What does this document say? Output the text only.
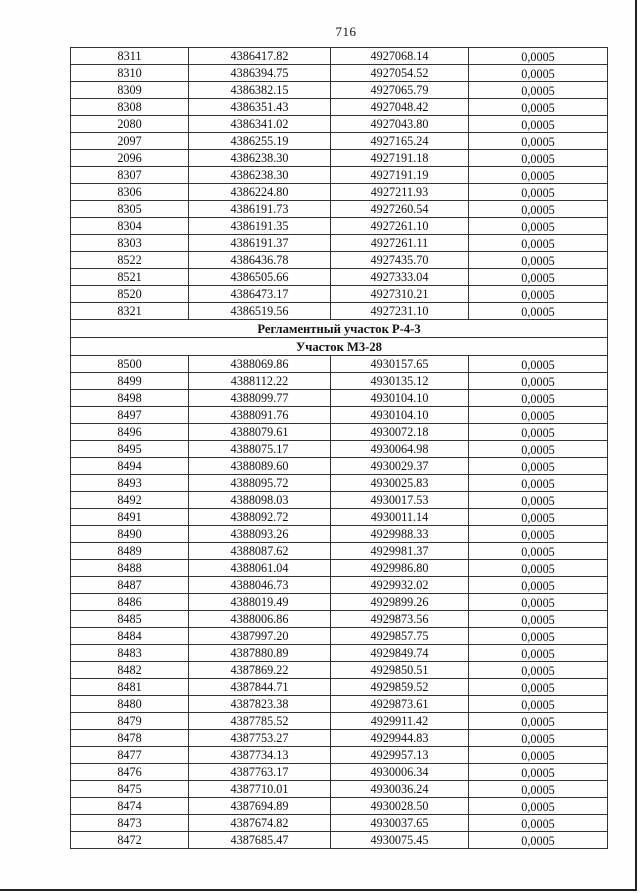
716
8311	4386417.82	4927068.14	0,0005
8310	4386394.75	4927054.52	0,0005
8309	4386382.15	4927065.79	0,0005
8308	4386351.43	4927048.42	0,0005
2080	4386341.02	4927043.80	0,0005
2097	4386255.19	4927165.24	0,0005
2096	4386238.30	4927191.18	0,0005
8307	4386238.30	4927191.19	0,0005
8306	4386224.80	4927211.93	0,0005
8305	4386191.73	4927260.54	0,0005
8304	4386191.35	4927261.10	0,0005
8303	4386191.37	4927261.11	0,0005
8522	4386436.78	4927435.70	0,0005
8521	4386505.66	4927333.04	0,0005
8520	4386473.17	4927310.21	0,0005
8321	4386519.56	4927231.10	0,0005
Регламентный участок Р-4-3			
Участок М3-28			
8500	4388069.86	4930157.65	0,0005
8499	4388112.22	4930135.12	0,0005
8498	4388099.77	4930104.10	0,0005
8497	4388091.76	4930104.10	0,0005
8496	4388079.61	4930072.18	0,0005
8495	4388075.17	4930064.98	0,0005
8494	4388089.60	4930029.37	0,0005
8493	4388095.72	4930025.83	0,0005
8492	4388098.03	4930017.53	0,0005
8491	4388092.72	4930011.14	0,0005
8490	4388093.26	4929988.33	0,0005
8489	4388087.62	4929981.37	0,0005
8488	4388061.04	4929986.80	0,0005
8487	4388046.73	4929932.02	0,0005
8486	4388019.49	4929899.26	0,0005
8485	4388006.86	4929873.56	0,0005
8484	4387997.20	4929857.75	0,0005
8483	4387880.89	4929849.74	0,0005
8482	4387869.22	4929850.51	0,0005
8481	4387844.71	4929859.52	0,0005
8480	4387823.38	4929873.61	0,0005
8479	4387785.52	4929911.42	0,0005
8478	4387753.27	4929944.83	0,0005
8477	4387734.13	4929957.13	0,0005
8476	4387763.17	4930006.34	0,0005
8475	4387710.01	4930036.24	0,0005
8474	4387694.89	4930028.50	0,0005
8473	4387674.82	4930037.65	0,0005
8472	4387685.47	4930075.45	0,0005
